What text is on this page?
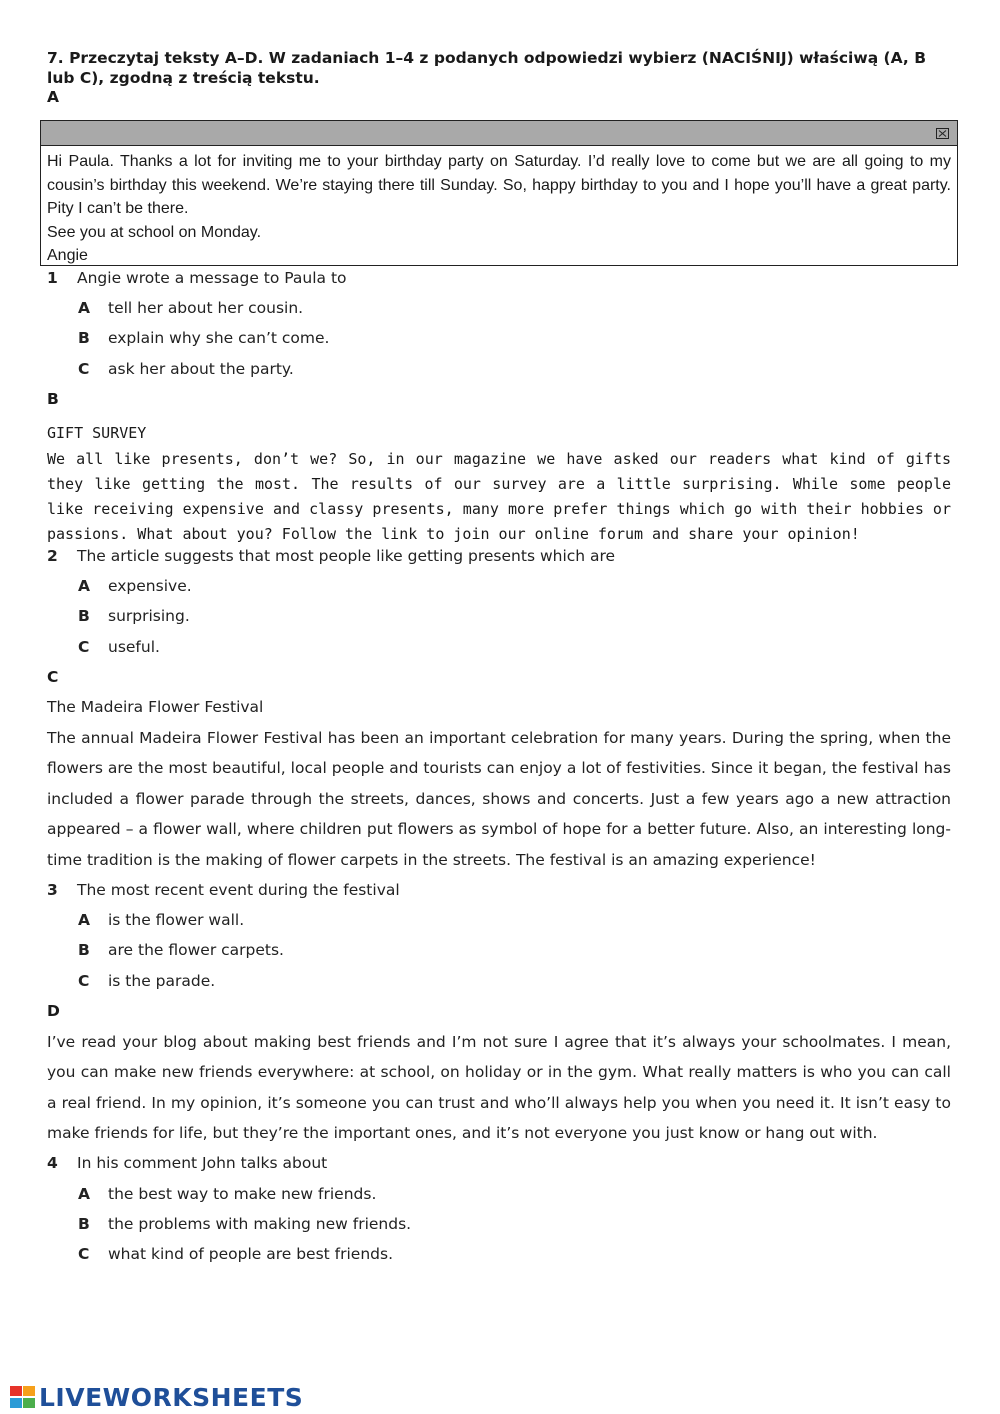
7. Przeczytaj teksty A–D. W zadaniach 1–4 z podanych odpowiedzi wybierz (NACIŚNIJ) właściwą (A, B lub C), zgodną z treścią tekstu.
A

Hi Paula. Thanks a lot for inviting me to your birthday party on Saturday. I’d really love to come but we are all going to my cousin’s birthday this weekend. We’re staying there till Sunday. So, happy birthday to you and I hope you’ll have a great party. Pity I can’t be there.

See you at school on Monday.

Angie

1 Angie wrote a message to Paula to
A tell her about her cousin.
B explain why she can’t come.
C ask her about the party.
B
GIFT SURVEY
We all like presents, don’t we? So, in our magazine we have asked our readers what kind of gifts they like getting the most. The results of our survey are a little surprising. While some people like receiving expensive and classy presents, many more prefer things which go with their hobbies or passions. What about you? Follow the link to join our online forum and share your opinion!
2 The article suggests that most people like getting presents which are
A expensive.
B surprising.
C useful.
C
The Madeira Flower Festival
The annual Madeira Flower Festival has been an important celebration for many years. During the spring, when the flowers are the most beautiful, local people and tourists can enjoy a lot of festivities. Since it began, the festival has included a flower parade through the streets, dances, shows and concerts. Just a few years ago a new attraction appeared – a flower wall, where children put flowers as symbol of hope for a better future. Also, an interesting long-time tradition is the making of flower carpets in the streets. The festival is an amazing experience!
3 The most recent event during the festival
A is the flower wall.
B are the flower carpets.
C is the parade.
D
I’ve read your blog about making best friends and I’m not sure I agree that it’s always your schoolmates. I mean, you can make new friends everywhere: at school, on holiday or in the gym. What really matters is who you can call a real friend. In my opinion, it’s someone you can trust and who’ll always help you when you need it. It isn’t easy to make friends for life, but they’re the important ones, and it’s not everyone you just know or hang out with.
4 In his comment John talks about
A the best way to make new friends.
B the problems with making new friends.
C what kind of people are best friends.
LIVEWORKSHEETS
